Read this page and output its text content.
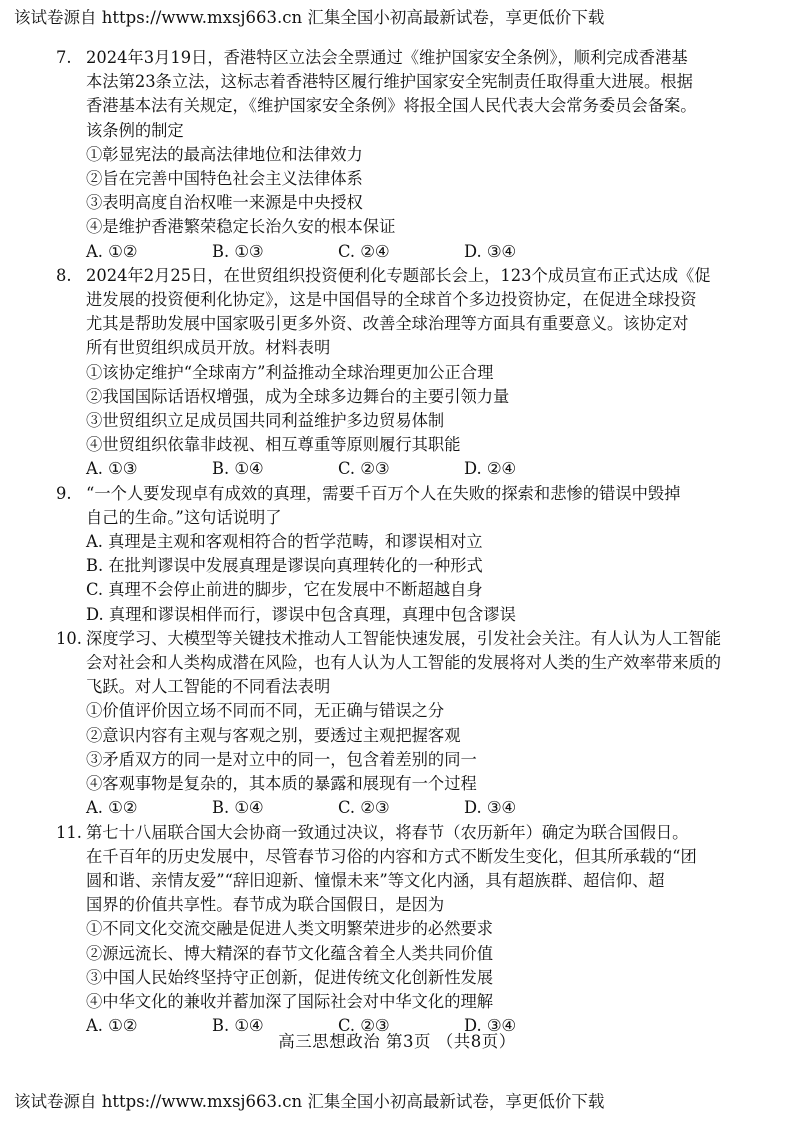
该试卷源自 https://www.mxsj663.cn 汇集全国小初高最新试卷，享更低价下载
7. 2024年3月19日，香港特区立法会全票通过《维护国家安全条例》，顺利完成香港基
本法第23条立法，这标志着香港特区履行维护国家安全宪制责任取得重大进展。根据
香港基本法有关规定，《维护国家安全条例》将报全国人民代表大会常务委员会备案。
该条例的制定
①彰显宪法的最高法律地位和法律效力
②旨在完善中国特色社会主义法律体系
③表明高度自治权唯一来源是中央授权
④是维护香港繁荣稳定长治久安的根本保证
A. ①②	B. ①③	C. ②④	D. ③④
8. 2024年2月25日，在世贸组织投资便利化专题部长会上，123个成员宣布正式达成《促
进发展的投资便利化协定》，这是中国倡导的全球首个多边投资协定，在促进全球投资
尤其是帮助发展中国家吸引更多外资、改善全球治理等方面具有重要意义。该协定对
所有世贸组织成员开放。材料表明
①该协定维护“全球南方”利益推动全球治理更加公正合理
②我国国际话语权增强，成为全球多边舞台的主要引领力量
③世贸组织立足成员国共同利益维护多边贸易体制
④世贸组织依靠非歧视、相互尊重等原则履行其职能
A. ①③	B. ①④	C. ②③	D. ②④
9. “一个人要发现卓有成效的真理，需要千百万个人在失败的探索和悲惨的错误中毁掉
自己的生命。”这句话说明了
A. 真理是主观和客观相符合的哲学范畴，和谬误相对立
B. 在批判谬误中发展真理是谬误向真理转化的一种形式
C. 真理不会停止前进的脚步，它在发展中不断超越自身
D. 真理和谬误相伴而行，谬误中包含真理，真理中包含谬误
10. 深度学习、大模型等关键技术推动人工智能快速发展，引发社会关注。有人认为人工智能
会对社会和人类构成潜在风险，也有人认为人工智能的发展将对人类的生产效率带来质的
飞跃。对人工智能的不同看法表明
①价值评价因立场不同而不同，无正确与错误之分
②意识内容有主观与客观之别，要透过主观把握客观
③矛盾双方的同一是对立中的同一，包含着差别的同一
④客观事物是复杂的，其本质的暴露和展现有一个过程
A. ①②	B. ①④	C. ②③	D. ③④
11. 第七十八届联合国大会协商一致通过决议，将春节（农历新年）确定为联合国假日。
在千百年的历史发展中，尽管春节习俗的内容和方式不断发生变化，但其所承载的“团
圆和谐、亲情友爱”“辞旧迎新、憧憬未来”等文化内涵，具有超族群、超信仰、超
国界的价值共享性。春节成为联合国假日，是因为
①不同文化交流交融是促进人类文明繁荣进步的必然要求
②源远流长、博大精深的春节文化蕴含着全人类共同价值
③中国人民始终坚持守正创新，促进传统文化创新性发展
④中华文化的兼收并蓄加深了国际社会对中华文化的理解
A. ①②	B. ①④	C. ②③	D. ③④
高三思想政治 第3页 （共8页）
该试卷源自 https://www.mxsj663.cn 汇集全国小初高最新试卷，享更低价下载
